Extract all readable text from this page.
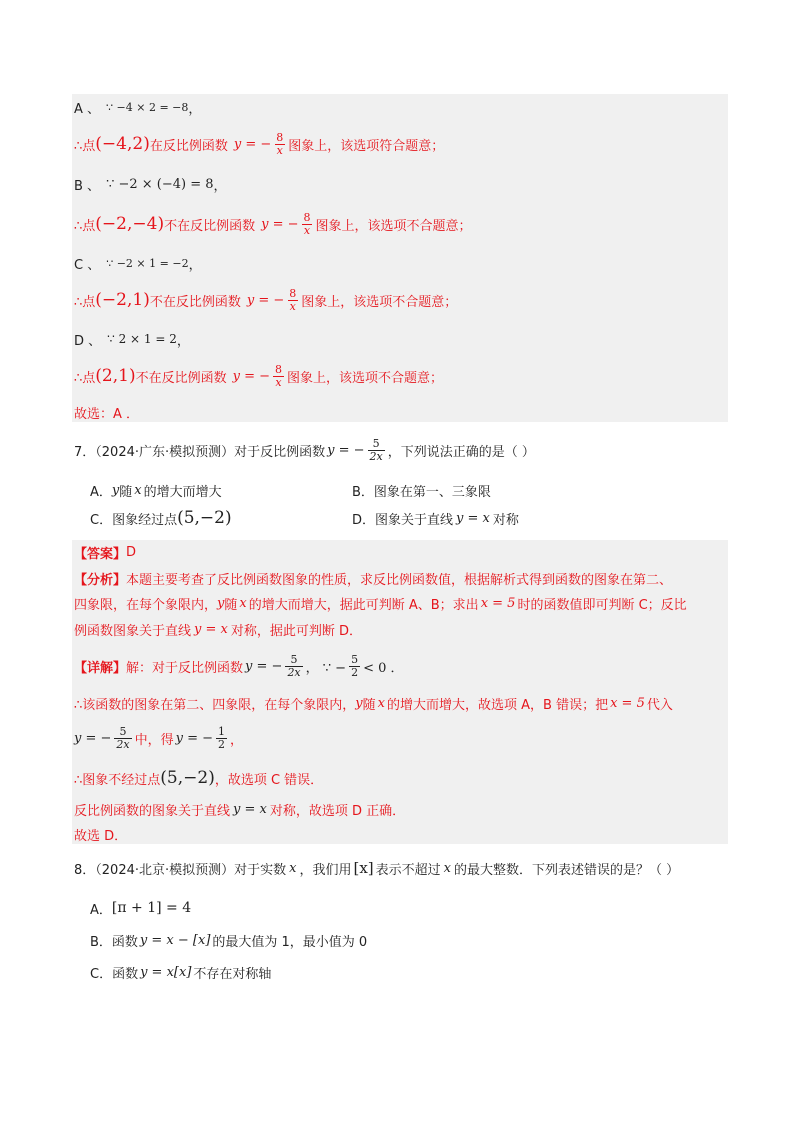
A 、 ∵ −4 × 2 = −8 ，
∴点 (−4,2) 在反比例函数 y = − $\frac{8}{x}$ 图象上，该选项符合题意；
B 、 ∵ −2 × (−4) = 8 ，
∴点 (−2,−4) 不在反比例函数 y = − $\frac{8}{x}$ 图象上，该选项不合题意；
C 、 ∵ −2 × 1 = −2 ，
∴点 (−2,1) 不在反比例函数 y = − $\frac{8}{x}$ 图象上，该选项不合题意；
D 、 ∵ 2 × 1 = 2 ，
∴点 (2,1) 不在反比例函数 y = − $\frac{8}{x}$ 图象上，该选项不合题意；
故选：A ．
7．（2024·广东·模拟预测）对于反比例函数 y = − $\frac{5}{2x}$ ，下列说法正确的是（ ）
A． y 随 x 的增大而增大	B．图象在第一、三象限
C．图象经过点 (5,−2)	D．图象关于直线 y = x 对称
【答案】 D
【分析】 本题主要考查了反比例函数图象的性质，求反比例函数值，根据解析式得到函数的图象在第二、
四象限，在每个象限内， y 随 x 的增大而增大，据此可判断 A、B；求出 x = 5 时的函数值即可判断 C；反比
例函数图象关于直线 y = x 对称，据此可判断 D．
【详解】 解：对于反比例函数 y = − $\frac{5}{2x}$ ， ∵ − $\frac{5}{2} < 0$ ．
∴该函数的图象在第二、四象限，在每个象限内， y 随 x 的增大而增大，故选项 A，B 错误；把 x = 5 代入
y = − $\frac{5}{2x}$ 中，得 y = − $\frac{1}{2}$ ，
∴图象不经过点 (5,−2) ，故选项 C 错误．
反比例函数的图象关于直线 y = x 对称，故选项 D 正确．
故选 D．
8．（2024·北京·模拟预测）对于实数 x ，我们用 [x] 表示不超过 x 的最大整数．下列表述错误的是？（ ）
A． [π + 1] = 4
B．函数 y = x − [x] 的最大值为 1，最小值为 0
C．函数 y = x[x] 不存在对称轴
